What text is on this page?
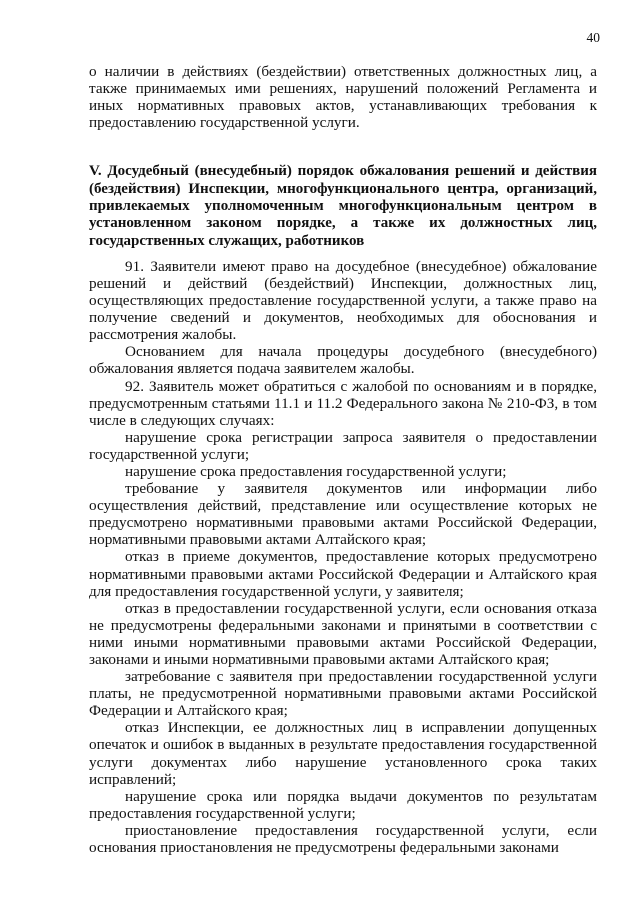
40

о наличии в действиях (бездействии) ответственных должностных лиц, а также принимаемых ими решениях, нарушений положений Регламента и иных нормативных правовых актов, устанавливающих требования к предоставлению государственной услуги.

V. Досудебный (внесудебный) порядок обжалования решений и действия (бездействия) Инспекции, многофункционального центра, организаций, привлекаемых уполномоченным многофункциональным центром в установленном законом порядке, а также их должностных лиц, государственных служащих, работников

91. Заявители имеют право на досудебное (внесудебное) обжалование решений и действий (бездействий) Инспекции, должностных лиц, осуществляющих предоставление государственной услуги, а также право на получение сведений и документов, необходимых для обоснования и рассмотрения жалобы.

Основанием для начала процедуры досудебного (внесудебного) обжалования является подача заявителем жалобы.

92. Заявитель может обратиться с жалобой по основаниям и в порядке, предусмотренным статьями 11.1 и 11.2 Федерального закона № 210-ФЗ, в том числе в следующих случаях:

нарушение срока регистрации запроса заявителя о предоставлении государственной услуги;

нарушение срока предоставления государственной услуги;

требование у заявителя документов или информации либо осуществления действий, представление или осуществление которых не предусмотрено нормативными правовыми актами Российской Федерации, нормативными правовыми актами Алтайского края;

отказ в приеме документов, предоставление которых предусмотрено нормативными правовыми актами Российской Федерации и Алтайского края для предоставления государственной услуги, у заявителя;

отказ в предоставлении государственной услуги, если основания отказа не предусмотрены федеральными законами и принятыми в соответствии с ними иными нормативными правовыми актами Российской Федерации, законами и иными нормативными правовыми актами Алтайского края;

затребование с заявителя при предоставлении государственной услуги платы, не предусмотренной нормативными правовыми актами Российской Федерации и Алтайского края;

отказ Инспекции, ее должностных лиц в исправлении допущенных опечаток и ошибок в выданных в результате предоставления государственной услуги документах либо нарушение установленного срока таких исправлений;

нарушение срока или порядка выдачи документов по результатам предоставления государственной услуги;

приостановление предоставления государственной услуги, если основания приостановления не предусмотрены федеральными законами
